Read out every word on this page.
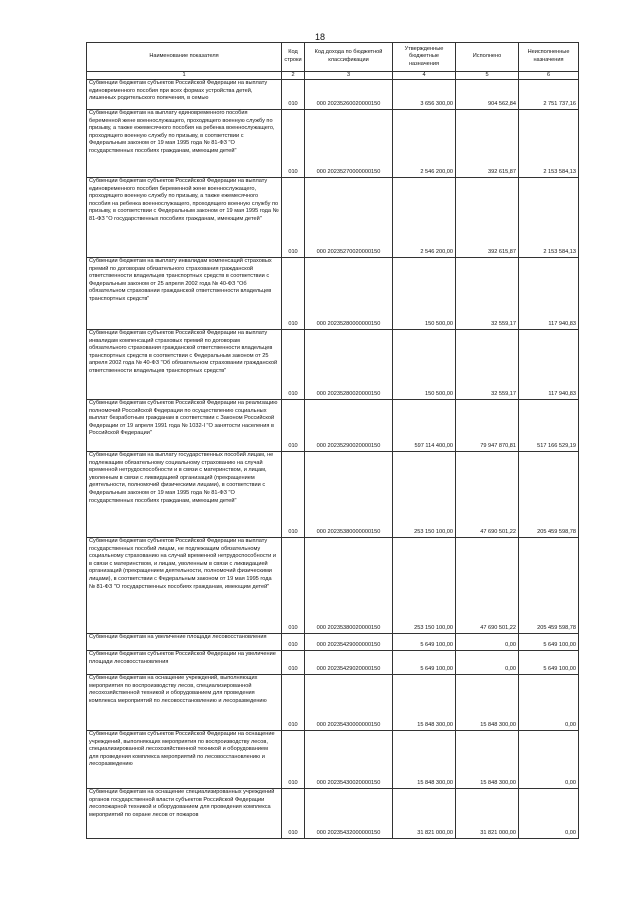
18
Наименование показателя	Код строки	Код дохода по бюджетной классификации	Утвержденные бюджетные назначения	Исполнено	Неисполненные назначения
1	2	3	4	5	6
Субвенции бюджетам субъектов Российской Федерации на выплату единовременного пособия при всех формах устройства детей, лишенных родительского попечения, в семью	010	000 20235260020000150	3 656 300,00	904 562,84	2 751 737,16
Субвенции бюджетам на выплату единовременного пособия беременной жене военнослужащего, проходящего военную службу по призыву, а также ежемесячного пособия на ребенка военнослужащего, проходящего военную службу по призыву, в соответствии с Федеральным законом от 19 мая 1995 года № 81-ФЗ "О государственных пособиях гражданам, имеющим детей"	010	000 20235270000000150	2 546 200,00	392 615,87	2 153 584,13
Субвенции бюджетам субъектов Российской Федерации на выплату единовременного пособия беременной жене военнослужащего, проходящего военную службу по призыву, а также ежемесячного пособия на ребенка военнослужащего, проходящего военную службу по призыву, в соответствии с Федеральным законом от 19 мая 1995 года № 81-ФЗ "О государственных пособиях гражданам, имеющим детей"	010	000 20235270020000150	2 546 200,00	392 615,87	2 153 584,13
Субвенции бюджетам на выплату инвалидам компенсаций страховых премий по договорам обязательного страхования гражданской ответственности владельцев транспортных средств в соответствии с Федеральным законом от 25 апреля 2002 года № 40-ФЗ "Об обязательном страховании гражданской ответственности владельцев транспортных средств"	010	000 20235280000000150	150 500,00	32 559,17	117 940,83
Субвенции бюджетам субъектов Российской Федерации на выплату инвалидам компенсаций страховых премий по договорам обязательного страхования гражданской ответственности владельцев транспортных средств в соответствии с Федеральным законом от 25 апреля 2002 года № 40-ФЗ "Об обязательном страховании гражданской ответственности владельцев транспортных средств"	010	000 20235280020000150	150 500,00	32 559,17	117 940,83
Субвенции бюджетам субъектов Российской Федерации на реализацию полномочий Российской Федерации по осуществлению социальных выплат безработным гражданам в соответствии с Законом Российской Федерации от 19 апреля 1991 года № 1032-I "О занятости населения в Российской Федерации"	010	000 20235290020000150	597 114 400,00	79 947 870,81	517 166 529,19
Субвенции бюджетам на выплату государственных пособий лицам, не подлежащим обязательному социальному страхованию на случай временной нетрудоспособности и в связи с материнством, и лицам, уволенным в связи с ликвидацией организаций (прекращением деятельности, полномочий физическими лицами), в соответствии с Федеральным законом от 19 мая 1995 года № 81-ФЗ "О государственных пособиях гражданам, имеющим детей"	010	000 20235380000000150	253 150 100,00	47 690 501,22	205 459 598,78
Субвенции бюджетам субъектов Российской Федерации на выплату государственных пособий лицам, не подлежащим обязательному социальному страхованию на случай временной нетрудоспособности и в связи с материнством, и лицам, уволенным в связи с ликвидацией организаций (прекращением деятельности, полномочий физическими лицами), в соответствии с Федеральным законом от 19 мая 1995 года № 81-ФЗ "О государственных пособиях гражданам, имеющим детей"	010	000 20235380020000150	253 150 100,00	47 690 501,22	205 459 598,78
Субвенции бюджетам на увеличение площади лесовосстановления	010	000 20235429000000150	5 649 100,00	0,00	5 649 100,00
Субвенции бюджетам субъектов Российской Федерации на увеличение площади лесовосстановления	010	000 20235429020000150	5 649 100,00	0,00	5 649 100,00
Субвенции бюджетам на оснащение учреждений, выполняющих мероприятия по воспроизводству лесов, специализированной лесохозяйственной техникой и оборудованием для проведения комплекса мероприятий по лесовосстановлению и лесоразведению	010	000 20235430000000150	15 848 300,00	15 848 300,00	0,00
Субвенции бюджетам субъектов Российской Федерации на оснащение учреждений, выполняющих мероприятия по воспроизводству лесов, специализированной лесохозяйственной техникой и оборудованием для проведения комплекса мероприятий по лесовосстановлению и лесоразведению	010	000 20235430020000150	15 848 300,00	15 848 300,00	0,00
Субвенции бюджетам на оснащение специализированных учреждений органов государственной власти субъектов Российской Федерации лесопожарной техникой и оборудованием для проведения комплекса мероприятий по охране лесов от пожаров	010	000 20235432000000150	31 821 000,00	31 821 000,00	0,00
